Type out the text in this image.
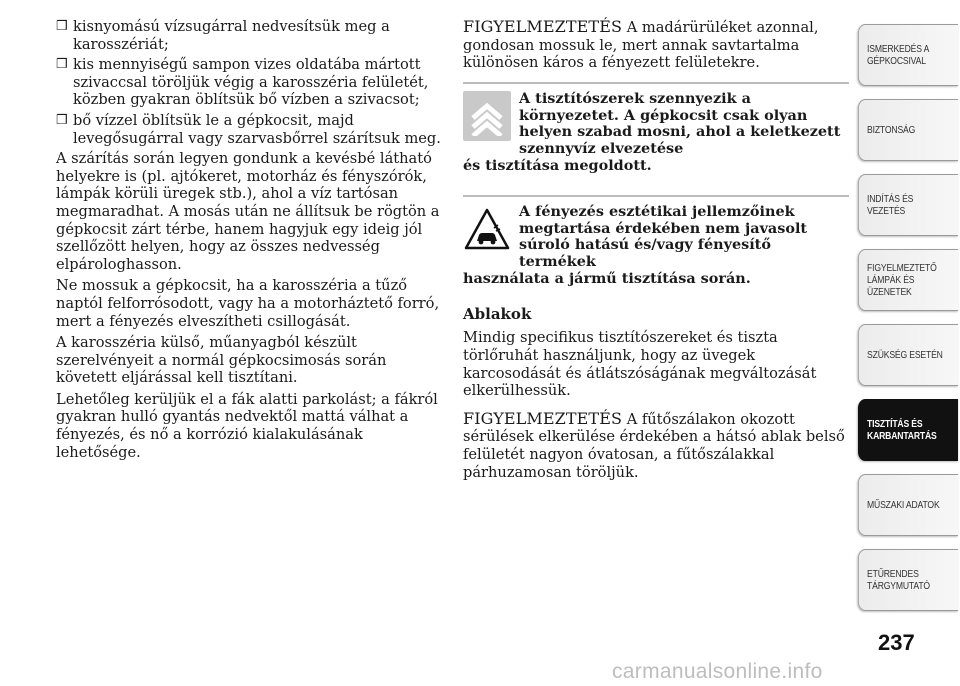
❒ kisnyomású vízsugárral nedvesítsük meg a karosszériát;
❒ kis mennyiségű sampon vizes oldatába mártott szivaccsal töröljük végig a karosszéria felületét, közben gyakran öblítsük bő vízben a szivacsot;
❒ bő vízzel öblítsük le a gépkocsit, majd levegősugárral vagy szarvasbőrrel szárítsuk meg.

A szárítás során legyen gondunk a kevésbé látható helyekre is (pl. ajtókeret, motorház és fényszórók, lámpák körüli üregek stb.), ahol a víz tartósan megmaradhat. A mosás után ne állítsuk be rögtön a gépkocsit zárt térbe, hanem hagyjuk egy ideig jól szellőzött helyen, hogy az összes nedvesség elpárologhasson.

Ne mossuk a gépkocsit, ha a karosszéria a tűző naptól felforrósodott, vagy ha a motorháztető forró, mert a fényezés elveszítheti csillogását.

A karosszéria külső, műanyagból készült szerelvényeit a normál gépkocsimosás során követett eljárással kell tisztítani.

Lehetőleg kerüljük el a fák alatti parkolást; a fákról gyakran hulló gyantás nedvektől mattá válhat a fényezés, és nő a korrózió kialakulásának lehetősége.

FIGYELMEZTETÉS A madárürüléket azonnal, gondosan mossuk le, mert annak savtartalma különösen káros a fényezett felületekre.

A tisztítószerek szennyezik a környezetet. A gépkocsit csak olyan helyen szabad mosni, ahol a keletkezett szennyvíz elvezetése
és tisztítása megoldott.
A fényezés esztétikai jellemzőinek megtartása érdekében nem javasolt súroló hatású és/vagy fényesítő termékek
használata a jármű tisztítása során.
Ablakok

Mindig specifikus tisztítószereket és tiszta törlőruhát használjunk, hogy az üvegek karcosodását és átlátszóságának megváltozását elkerülhessük.

FIGYELMEZTETÉS A fűtőszálakon okozott sérülések elkerülése érdekében a hátsó ablak belső felületét nagyon óvatosan, a fűtőszálakkal párhuzamosan töröljük.

ISMERKEDÉS A
GÉPKOCSIVAL
BIZTONSÁG
INDÍTÁS ÉS
VEZETÉS
FIGYELMEZTETŐ
LÁMPÁK ÉS
ÜZENETEK
SZÜKSÉG ESETÉN
TISZTÍTÁS ÉS
KARBANTARTÁS
MŰSZAKI ADATOK
ETŰRENDES
TÁRGYMUTATÓ
237
carmanualsonline.info
